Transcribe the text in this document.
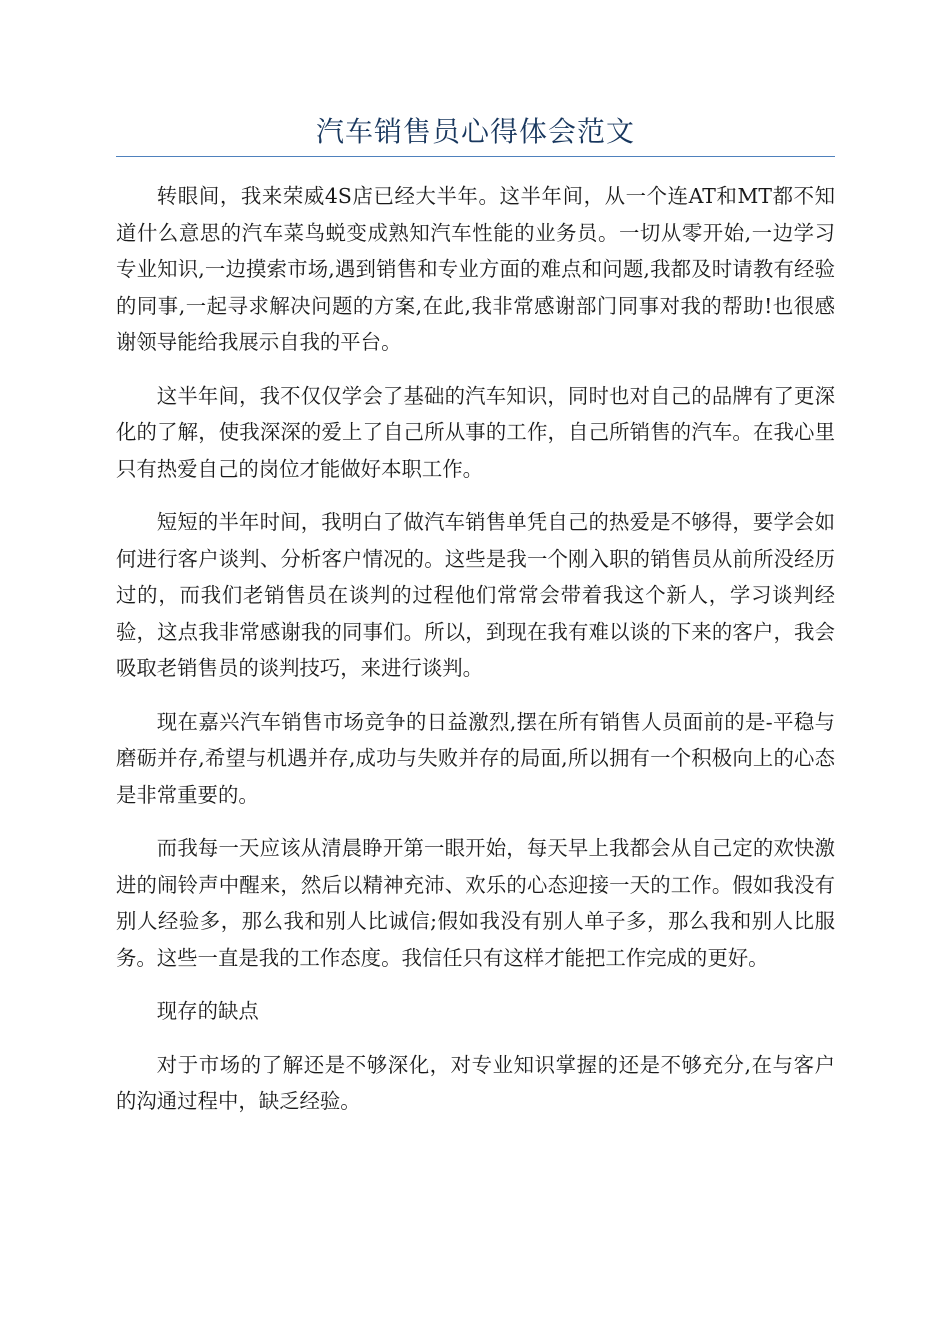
汽车销售员心得体会范文

转眼间，我来荣威4S店已经大半年。这半年间，从一个连AT和MT都不知道什么意思的汽车菜鸟蜕变成熟知汽车性能的业务员。一切从零开始,一边学习专业知识,一边摸索市场,遇到销售和专业方面的难点和问题,我都及时请教有经验的同事,一起寻求解决问题的方案,在此,我非常感谢部门同事对我的帮助!也很感谢领导能给我展示自我的平台。

这半年间，我不仅仅学会了基础的汽车知识，同时也对自己的品牌有了更深化的了解，使我深深的爱上了自己所从事的工作，自己所销售的汽车。在我心里只有热爱自己的岗位才能做好本职工作。

短短的半年时间，我明白了做汽车销售单凭自己的热爱是不够得，要学会如何进行客户谈判、分析客户情况的。这些是我一个刚入职的销售员从前所没经历过的，而我们老销售员在谈判的过程他们常常会带着我这个新人，学习谈判经验，这点我非常感谢我的同事们。所以，到现在我有难以谈的下来的客户，我会吸取老销售员的谈判技巧，来进行谈判。

现在嘉兴汽车销售市场竞争的日益激烈,摆在所有销售人员面前的是-平稳与磨砺并存,希望与机遇并存,成功与失败并存的局面,所以拥有一个积极向上的心态是非常重要的。

而我每一天应该从清晨睁开第一眼开始，每天早上我都会从自己定的欢快激进的闹铃声中醒来，然后以精神充沛、欢乐的心态迎接一天的工作。假如我没有别人经验多，那么我和别人比诚信;假如我没有别人单子多，那么我和别人比服务。这些一直是我的工作态度。我信任只有这样才能把工作完成的更好。

现存的缺点

对于市场的了解还是不够深化，对专业知识掌握的还是不够充分,在与客户的沟通过程中，缺乏经验。
